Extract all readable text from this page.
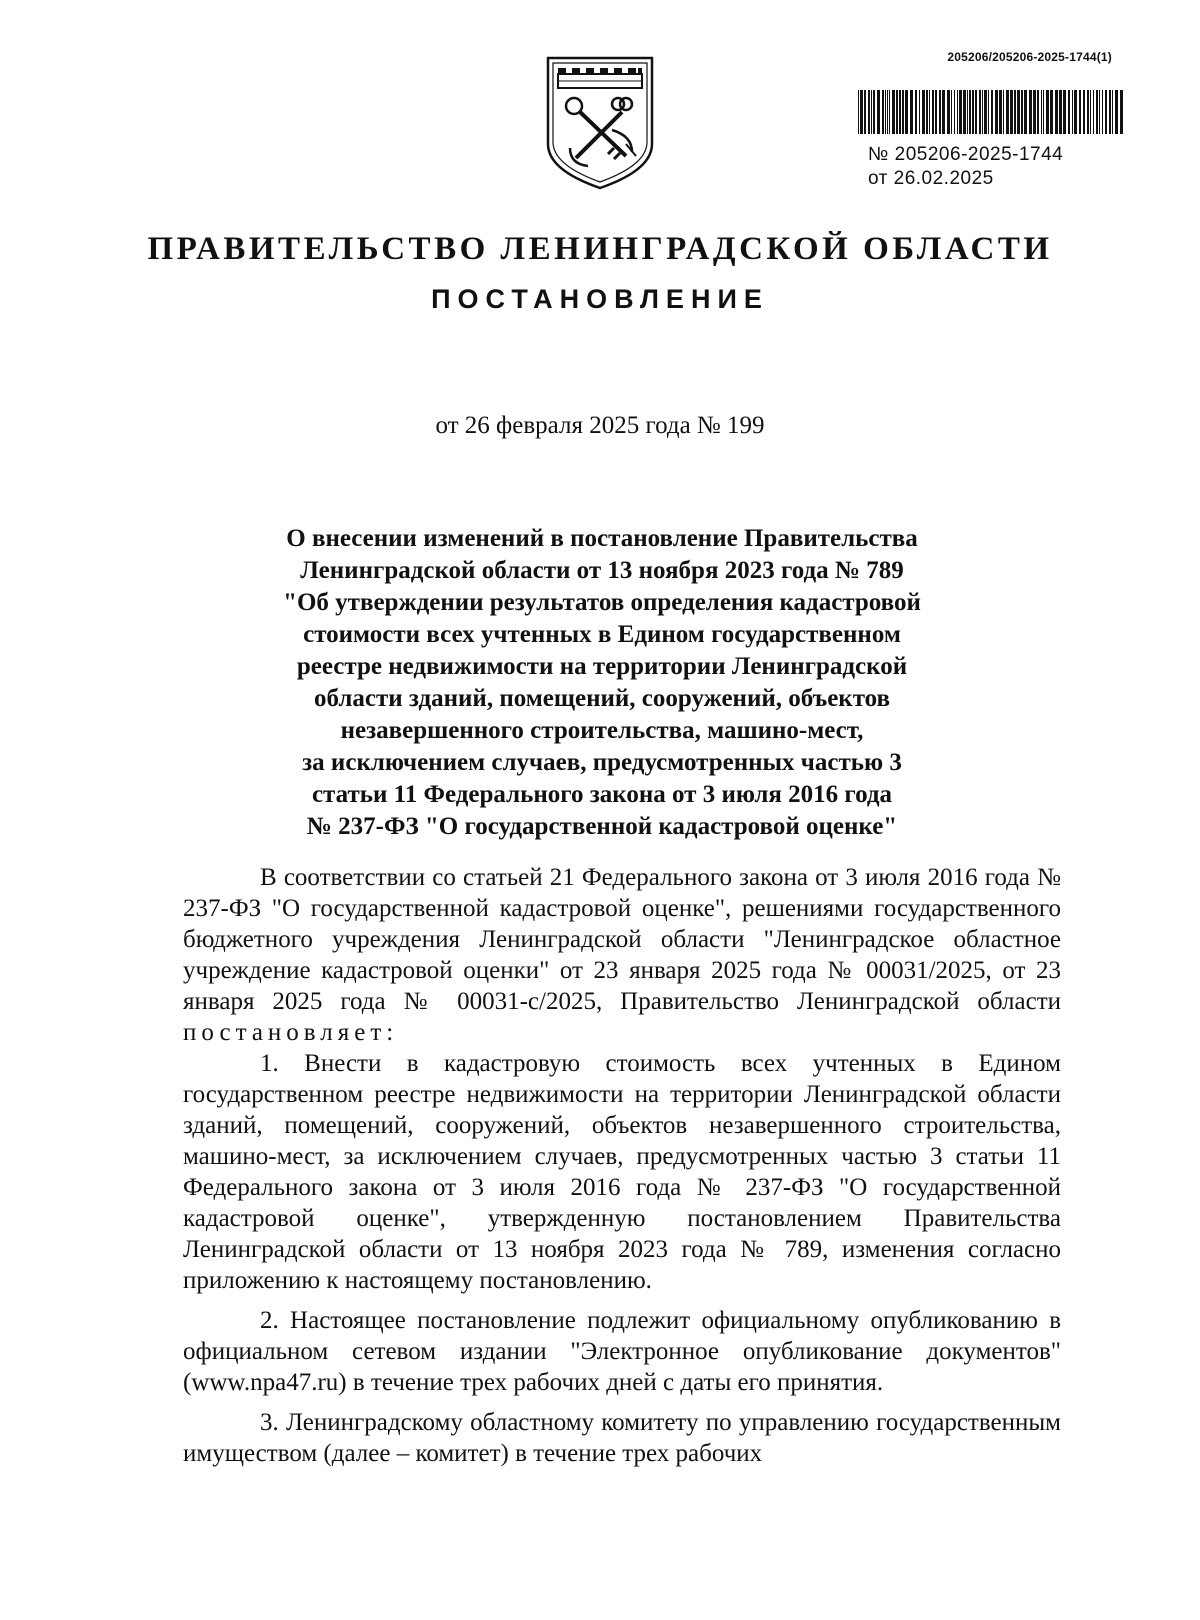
205206/205206-2025-1744(1)
№ 205206-2025-1744
от 26.02.2025
ПРАВИТЕЛЬСТВО ЛЕНИНГРАДСКОЙ ОБЛАСТИ
ПОСТАНОВЛЕНИЕ
от 26 февраля 2025 года № 199
О внесении изменений в постановление Правительства
Ленинградской области от 13 ноября 2023 года № 789
"Об утверждении результатов определения кадастровой
стоимости всех учтенных в Едином государственном
реестре недвижимости на территории Ленинградской
области зданий, помещений, сооружений, объектов
незавершенного строительства, машино-мест,
за исключением случаев, предусмотренных частью 3
статьи 11 Федерального закона от 3 июля 2016 года
№ 237-ФЗ "О государственной кадастровой оценке"

В соответствии со статьей 21 Федерального закона от 3 июля 2016 года № 237-ФЗ "О государственной кадастровой оценке", решениями государственного бюджетного учреждения Ленинградской области "Ленинградское областное учреждение кадастровой оценки" от 23 января 2025 года № 00031/2025, от 23 января 2025 года № 00031-с/2025, Правительство Ленинградской области постановляет:

1. Внести в кадастровую стоимость всех учтенных в Едином государственном реестре недвижимости на территории Ленинградской области зданий, помещений, сооружений, объектов незавершенного строительства, машино-мест, за исключением случаев, предусмотренных частью 3 статьи 11 Федерального закона от 3 июля 2016 года № 237-ФЗ "О государственной кадастровой оценке", утвержденную постановлением Правительства Ленинградской области от 13 ноября 2023 года № 789, изменения согласно приложению к настоящему постановлению.

2. Настоящее постановление подлежит официальному опубликованию в официальном сетевом издании "Электронное опубликование документов" (www.npa47.ru) в течение трех рабочих дней с даты его принятия.

3. Ленинградскому областному комитету по управлению государственным имуществом (далее – комитет) в течение трех рабочих
